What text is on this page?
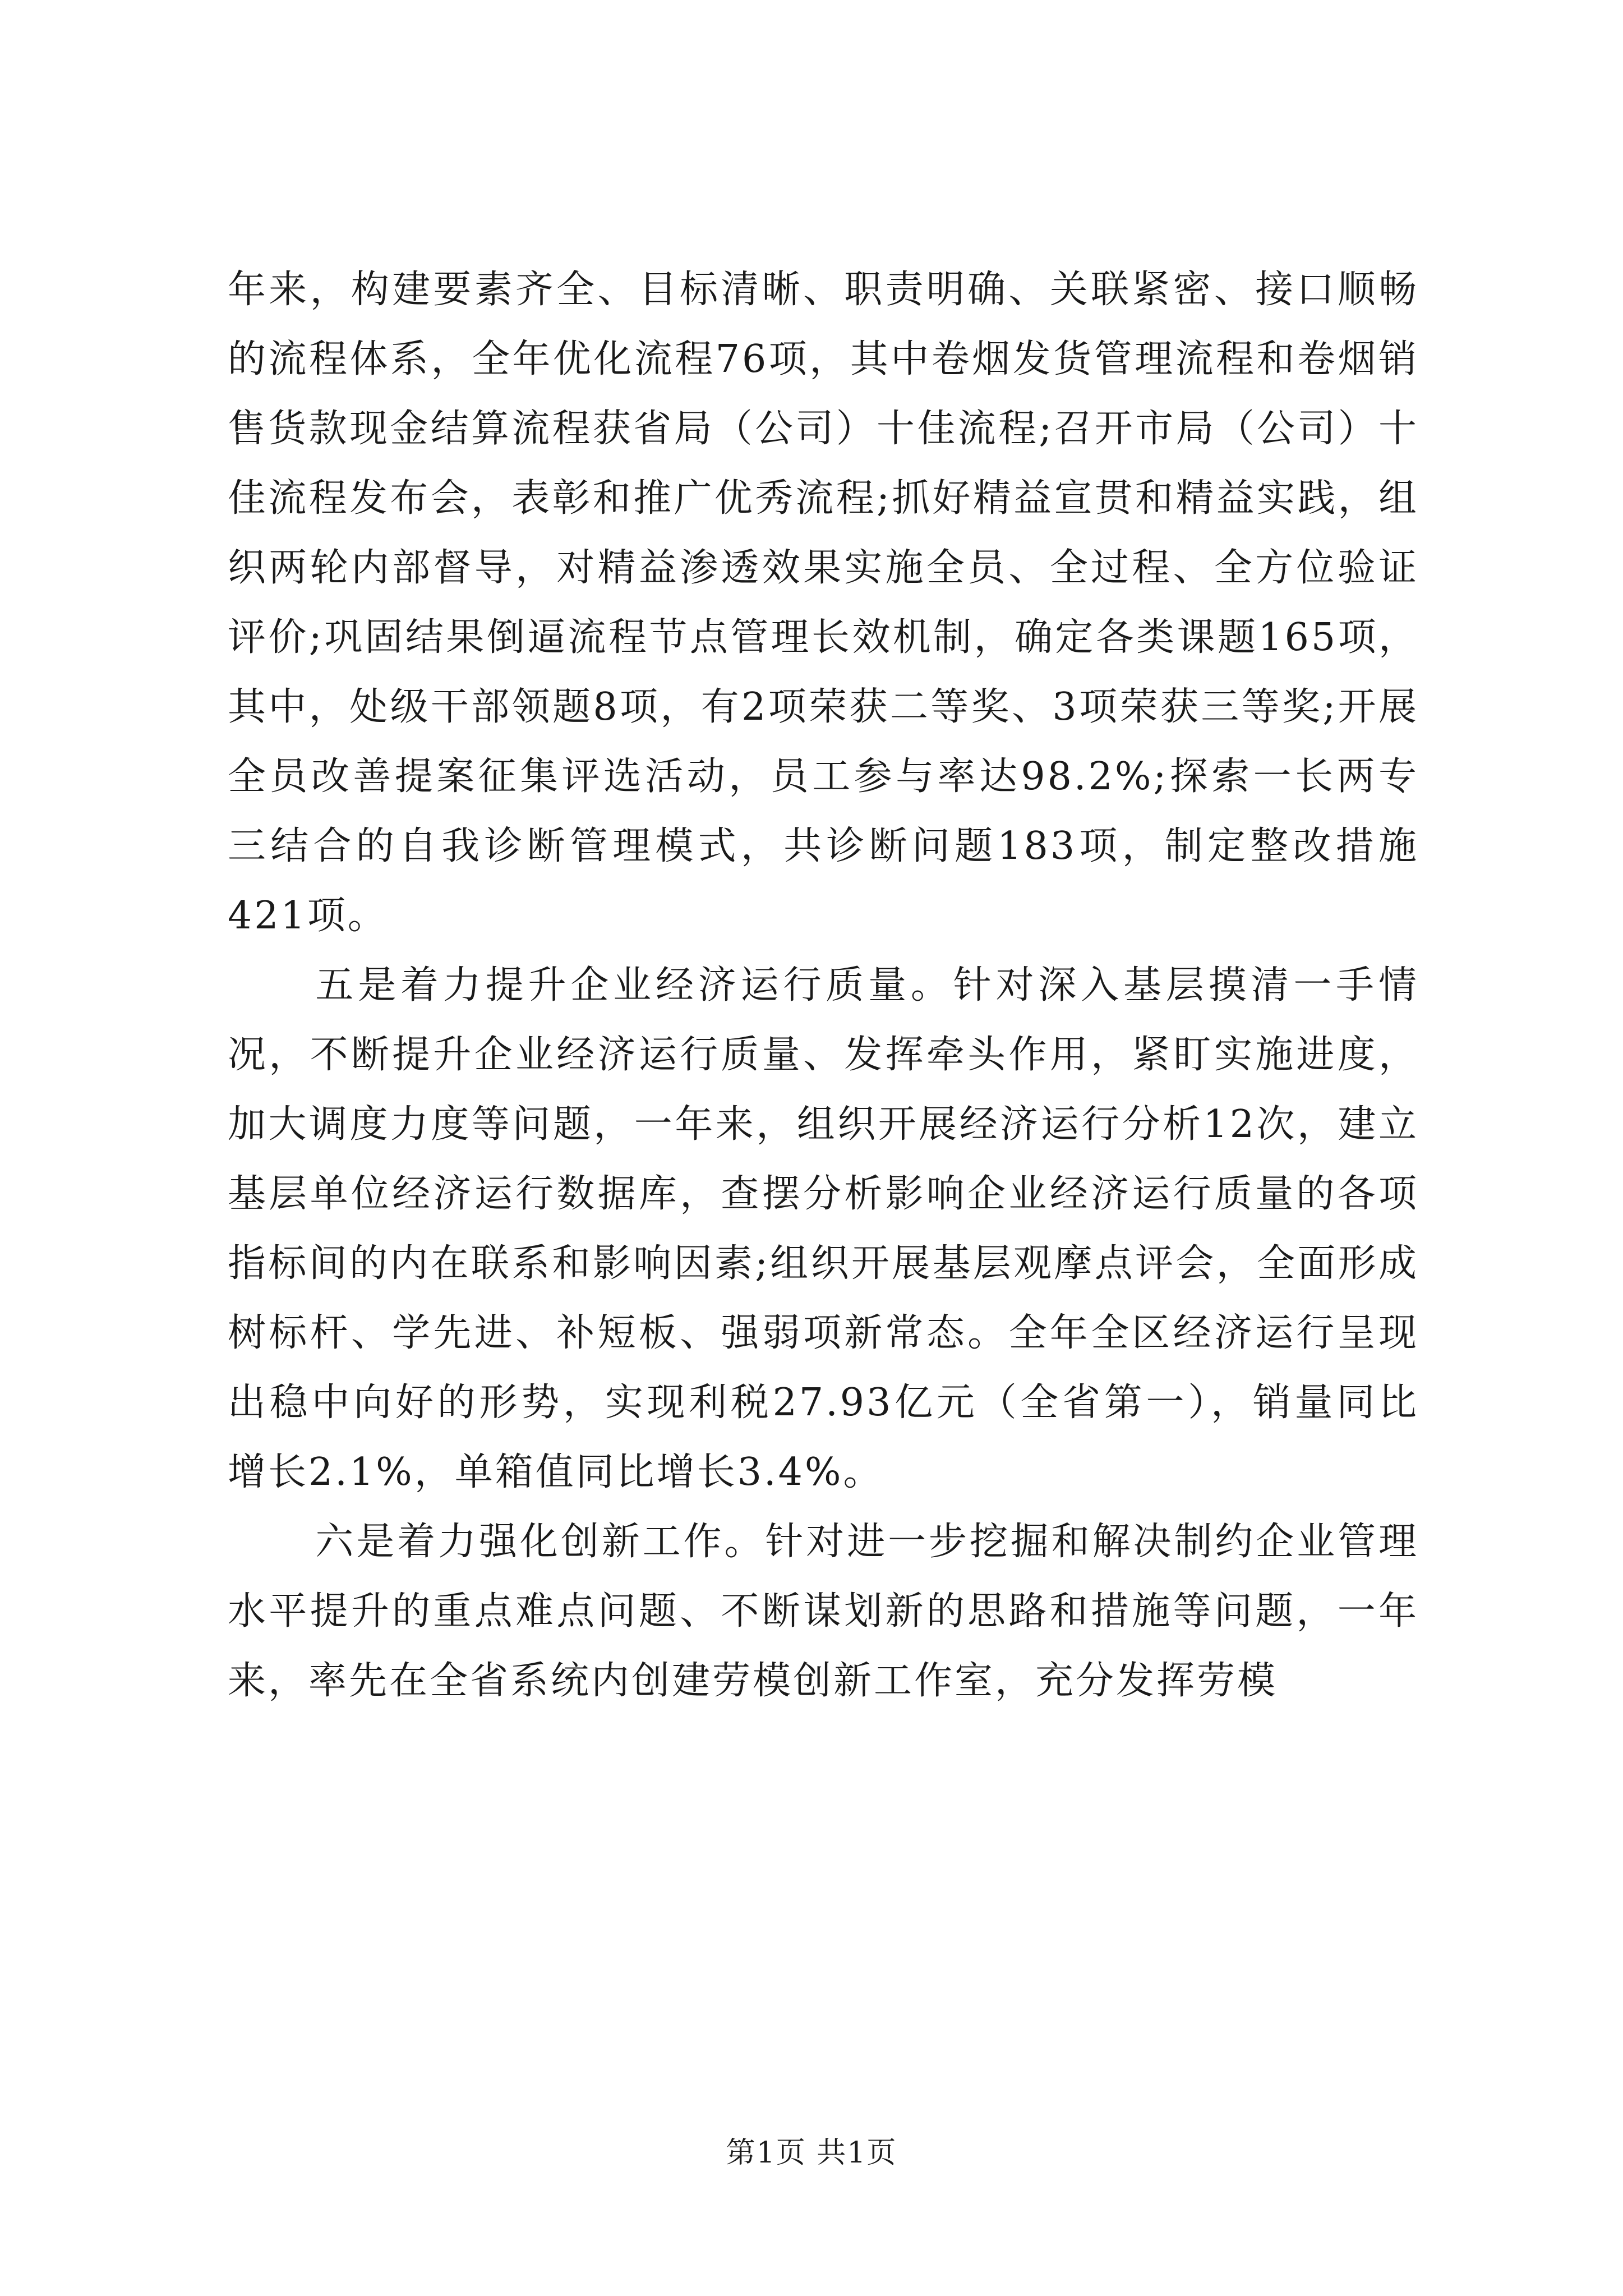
年来，构建要素齐全、目标清晰、职责明确、关联紧密、接口顺畅的流程体系，全年优化流程76项，其中卷烟发货管理流程和卷烟销售货款现金结算流程获省局（公司）十佳流程;召开市局（公司）十佳流程发布会，表彰和推广优秀流程;抓好精益宣贯和精益实践，组织两轮内部督导，对精益渗透效果实施全员、全过程、全方位验证评价;巩固结果倒逼流程节点管理长效机制，确定各类课题165项，其中，处级干部领题8项，有2项荣获二等奖、3项荣获三等奖;开展全员改善提案征集评选活动，员工参与率达98.2%;探索一长两专三结合的自我诊断管理模式，共诊断问题183项，制定整改措施421项。

五是着力提升企业经济运行质量。针对深入基层摸清一手情况，不断提升企业经济运行质量、发挥牵头作用，紧盯实施进度，加大调度力度等问题，一年来，组织开展经济运行分析12次，建立基层单位经济运行数据库，查摆分析影响企业经济运行质量的各项指标间的内在联系和影响因素;组织开展基层观摩点评会，全面形成树标杆、学先进、补短板、强弱项新常态。全年全区经济运行呈现出稳中向好的形势，实现利税27.93亿元（全省第一），销量同比增长2.1%，单箱值同比增长3.4%。

六是着力强化创新工作。针对进一步挖掘和解决制约企业管理水平提升的重点难点问题、不断谋划新的思路和措施等问题，一年来，率先在全省系统内创建劳模创新工作室，充分发挥劳模

第1页 共1页
